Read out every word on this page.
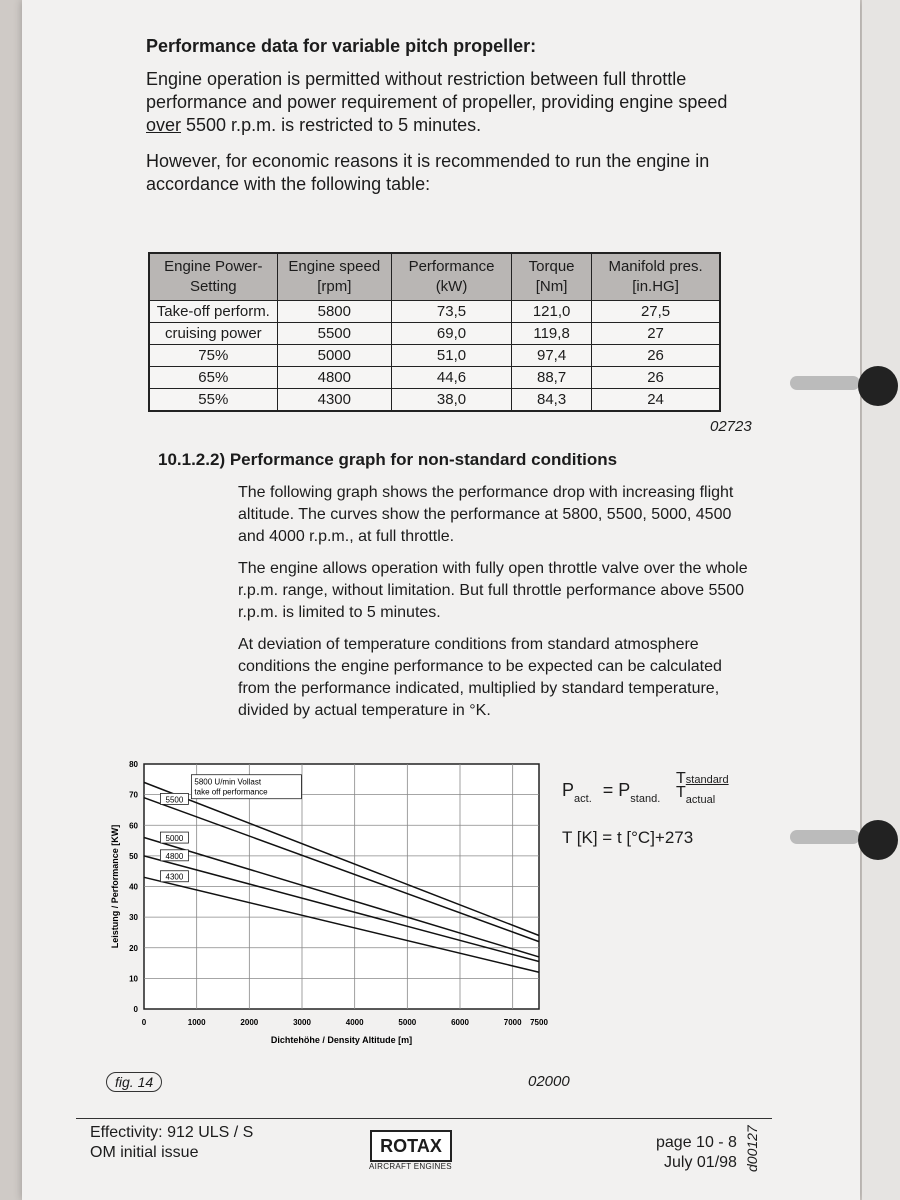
Performance data for variable pitch propeller:
Engine operation is permitted without restriction between full throttle performance and power requirement of propeller, providing engine speed over 5500 r.p.m. is restricted to 5 minutes.
However, for economic reasons it is recommended to run the engine in accordance with the following table:
Engine Power-Setting	Engine speed [rpm]	Performance (kW)	Torque [Nm]	Manifold pres. [in.HG]
Take-off perform.	5800	73,5	121,0	27,5
cruising power	5500	69,0	119,8	27
75%	5000	51,0	97,4	26
65%	4800	44,6	88,7	26
55%	4300	38,0	84,3	24
02723
10.1.2.2) Performance graph for non-standard conditions
The following graph shows the performance drop with increasing flight altitude. The curves show the performance at 5800, 5500, 5000, 4500 and 4000 r.p.m., at full throttle.
The engine allows operation with fully open throttle valve over the whole r.p.m. range, without limitation. But full throttle performance above 5500 r.p.m. is limited to 5 minutes.
At deviation of temperature conditions from standard atmosphere conditions the engine performance to be expected can be calculated from the performance indicated, multiplied by standard temperature, divided by actual temperature in °K.
5500
5000
4800
4300
0	1000	2000	3000	4000	5000	6000	7000 7500
0
10
20
30
40
50
60
70
80
Leistung / Performance [KW]
Dichtehöhe / Density Altitude [m]
5800 U/min Vollast
take off performance	$P_{act.} = P_{stand.}$
Tstandard
$T_{actual}$
T [K] = t [°C]+273
fig. 14	02000
Effectivity: 912 ULS / S
OM initial issue	ROTAX
AIRCRAFT ENGINES
page 10 - 8
July 01/98 d00127
